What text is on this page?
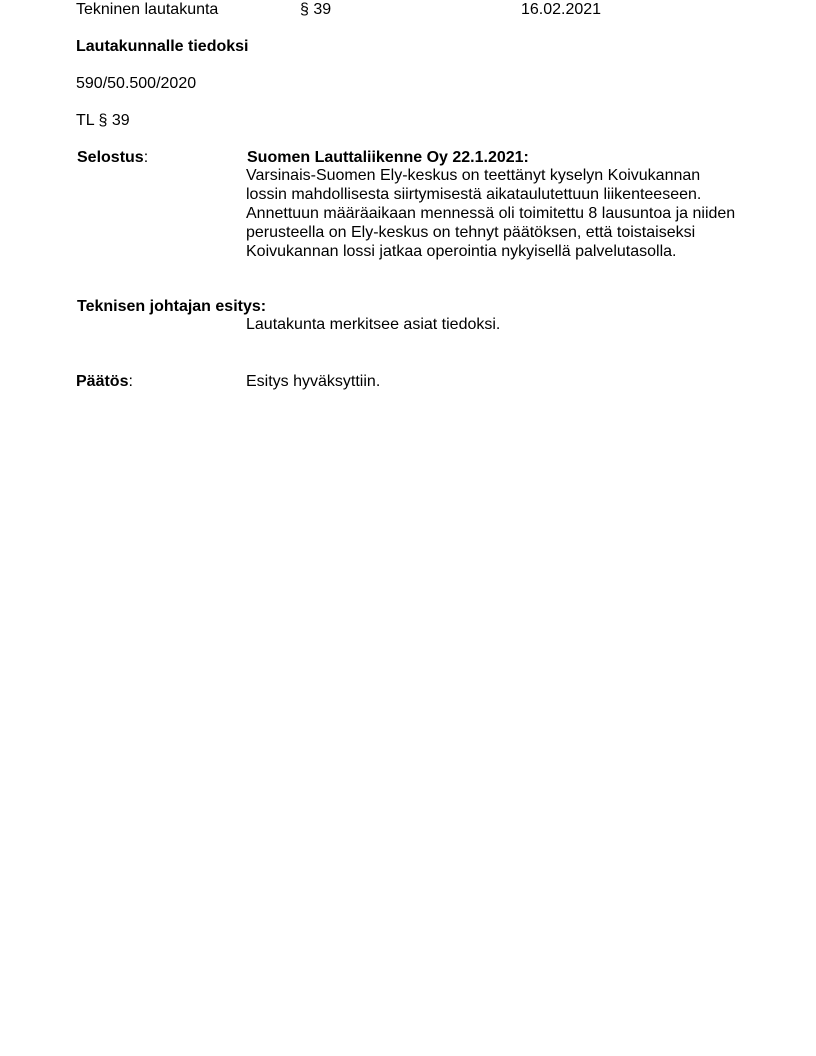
Tekninen lautakunta	§ 39	16.02.2021
Lautakunnalle tiedoksi
590/50.500/2020
TL § 39
Selostus:	Suomen Lauttaliikenne Oy 22.1.2021:
Varsinais-Suomen Ely-keskus on teettänyt kyselyn Koivukannan
lossin mahdollisesta siirtymisestä aikataulutettuun liikenteeseen.
Annettuun määräaikaan mennessä oli toimitettu 8 lausuntoa ja niiden
perusteella on Ely-keskus on tehnyt päätöksen, että toistaiseksi
Koivukannan lossi jatkaa operointia nykyisellä palvelutasolla.
Teknisen johtajan esitys:
Lautakunta merkitsee asiat tiedoksi.
Päätös:	Esitys hyväksyttiin.
